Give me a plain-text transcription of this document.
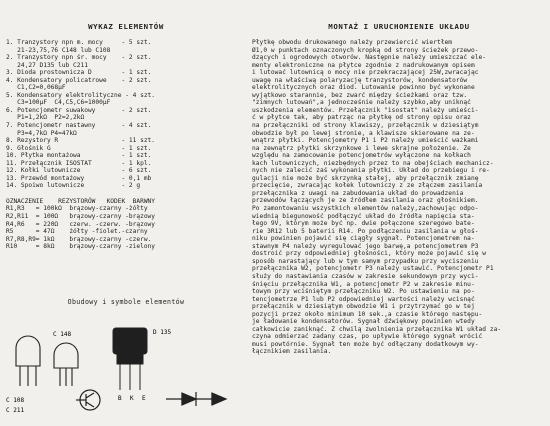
WYKAZ ELEMENTÓW
1. Tranzystory npn m. mocy     - 5 szt.
21-23,75,76 C148 lub C108
2. Tranzystory npn śr. mocy    - 2 szt.
24,27 D135 lub C211
3. Dioda prostownicza D        - 1 szt.
4. Kondensatory policatrowe    - 2 szt.
C1,C2=0,068µF
5. Kondensatory elektrolityczne - 4 szt.
C3=100µF  C4,C5,C6=1000µF
6. Potencjometr suwakowy       - 2 szt.
P1=1,2kΩ  P2=2,2kΩ
7. Potencjometr nastawny       - 4 szt.
P3=4,7kΩ P4=47kΩ
8. Rezystory R                 - 11 szt.
9. Głośnik G                   - 1 szt.
10. Płytka montażowa           - 1 szt.
11. Przełącznik ISOSTAT        - 1 kpl.
12. Kołki lutownicze           - 6 szt.
13. Przewód montażowy          - 0,1 mb
14. Spoiwo lutownicze          - 2 g
OZNACZENIE    REZYSTORÓW   KODEK  BARWNY
R1,R3   = 100kΩ  brązowy-czarny -żółty
R2,R11  = 100Ω   brązowy-czarny -brązowy
R4,R6   = 220Ω   czerw. -czerw. -brązowy
R5      = 47Ω    żółty -fiolet.-czarny
R7,R8,R9= 1kΩ    brązowy-czarny -czerw.
R10     = 8kΩ    brązowy-czarny -zielony
MONTAŻ I URUCHOMIENIE UKŁADU
Płytkę obwodu drukowanego należy przewiercić wiertłem
Ø1,0 w punktach oznaczonych kropką od strony ścieżek przewo-
dzących i ogrodowych otworów. Następnie należy umieszczać ele-
menty elektroniczne na płytce zgodnie z nadrukowanym opisem
i lutować lutownicą o mocy nie przekraczającej 25W,zwracając
uwagę na właściwą polaryzację tranzystorów, kondensatorów
elektrolitycznych oraz diod. Lutowanie powinno być wykonane
wyjątkowo starannie, bez zwarć między ścieżkami oraz tzw.
"zimnych lutowań",a jednocześnie należy szybko,aby uniknąć
uszkodzenia elementów. Przełącznik "isostat" należy umieści-
ć w płytce tak, aby patrząc na płytkę od strony opisu oraz
na przełączniki od strony klawiszy, przełącznik w dziesiątym
obwodzie był po lewej stronie, a klawisze skierowane na ze-
wnątrz płytki. Potencjometry P1 i P2 należy umieścić ważkami
na zewnątrz płytki skrzynkowe i lewe skrajne położenie. Ze
względu na zamocowanie potencjometrów wyłączone na kołkach
kach lutowniczych, niezbędnych przez to na obejściach mechanicz-
nych nie zalecić zaś wykonania płytki. Układ do przebiegu i re-
gulacji nie może być skrzynką stałej, aby przełącznik zmianę
przecięcie, zwracając kołek lutowniczy z ze złączem zasilania
przełącznika z uwagi na zabudowania układ do prowadzenia
przewodów łączących je ze źródłem zasilania oraz głośnikiem.
Po zamontowaniu wszystkich elementów należy,zachowując odpo-
wiednią biegunowość podłączyć układ do źródła napięcia sta-
łego 9V, którym może być np. dwie połączone szeregowo bate-
rie 3R12 lub 5 baterii R14. Po podłączeniu zasilania w głoś-
niku powinien pojawić się ciągły sygnał. Potencjometrem na-
stawnym P4 należy wyregulować jego barwę,a potencjometrem P3
dostroić przy odpowiedniej głośności, który może pojawić się w
sposób narastający lub w tym samym przypadku przy wyciszeniu
przełącznika W2, potencjometr P3 należy ustawić. Potencjometr P1
służy do nastawiania czasów w zakresie sekundowym przy wyci-
śnięciu przełącznika W1, a potencjometr P2 w zakresie minu-
towym przy wciśniętym przełączniku W2. Po ustawieniu na po-
tencjometrze P1 lub P2 odpowiedniej wartości należy wcisnąć
przełącznik w dziesiątym obwodzie W1 i przytrzymać go w tej
pozycji przez około minimum 10 sek.,a czasie którego następu-
je ładowanie kondensatorów. Sygnał dźwiękowy powinien wtedy
całkowicie zaniknąć. Z chwilą zwolnienia przełącznika W1 układ za-
czyna odmierzać zadany czas, po upływie którego sygnał wrócić
musi powtórnie. Sygnał ten może być odłączany dodatkowym wy-
łącznikiem zasilania.
Obudowy i symbole elementów
C 148	D 135
C 108
C 211
B K E
